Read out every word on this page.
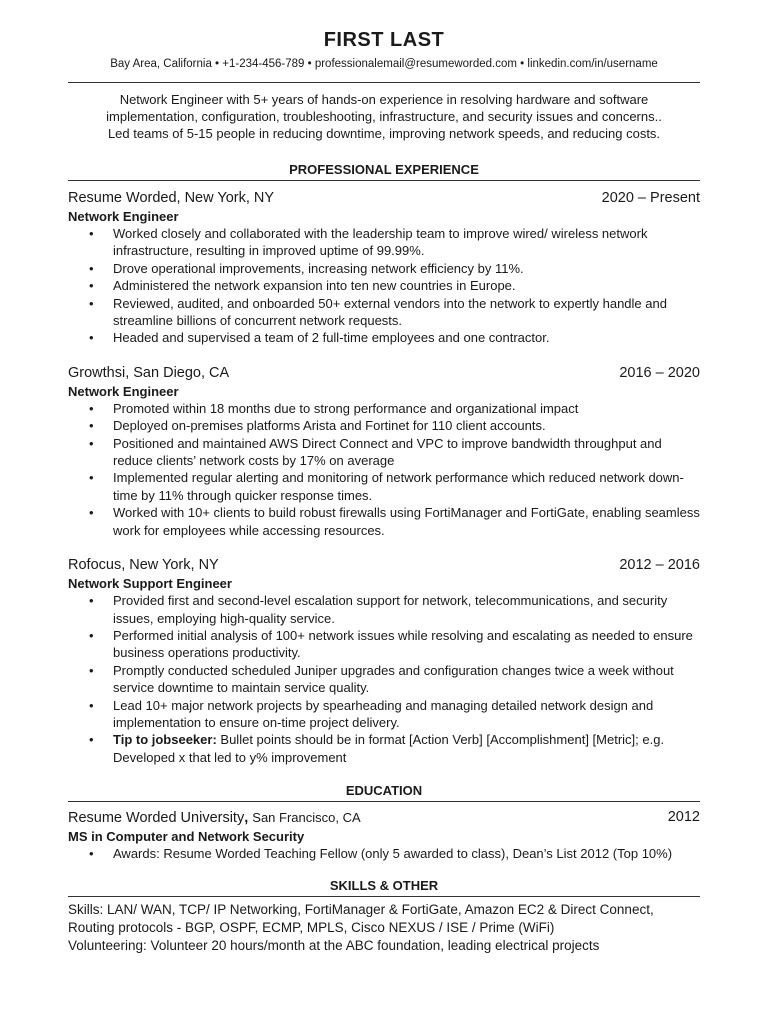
FIRST LAST
Bay Area, California • +1-234-456-789 • professionalemail@resumeworded.com • linkedin.com/in/username
Network Engineer with 5+ years of hands-on experience in resolving hardware and software
implementation, configuration, troubleshooting, infrastructure, and security issues and concerns..
Led teams of 5-15 people in reducing downtime, improving network speeds, and reducing costs.
PROFESSIONAL EXPERIENCE
Resume Worded, New York, NY	2020 – Present
Network Engineer
• Worked closely and collaborated with the leadership team to improve wired/ wireless network infrastructure, resulting in improved uptime of 99.99%.
• Drove operational improvements, increasing network efficiency by 11%.
• Administered the network expansion into ten new countries in Europe.
• Reviewed, audited, and onboarded 50+ external vendors into the network to expertly handle and streamline billions of concurrent network requests.
• Headed and supervised a team of 2 full-time employees and one contractor.
Growthsi, San Diego, CA	2016 – 2020
Network Engineer
• Promoted within 18 months due to strong performance and organizational impact
• Deployed on-premises platforms Arista and Fortinet for 110 client accounts.
• Positioned and maintained AWS Direct Connect and VPC to improve bandwidth throughput and reduce clients’ network costs by 17% on average
• Implemented regular alerting and monitoring of network performance which reduced network down-time by 11% through quicker response times.
• Worked with 10+ clients to build robust firewalls using FortiManager and FortiGate, enabling seamless work for employees while accessing resources.
Rofocus, New York, NY	2012 – 2016
Network Support Engineer
• Provided first and second-level escalation support for network, telecommunications, and security issues, employing high-quality service.
• Performed initial analysis of 100+ network issues while resolving and escalating as needed to ensure business operations productivity.
• Promptly conducted scheduled Juniper upgrades and configuration changes twice a week without service downtime to maintain service quality.
• Lead 10+ major network projects by spearheading and managing detailed network design and implementation to ensure on-time project delivery.
• Tip to jobseeker: Bullet points should be in format [Action Verb] [Accomplishment] [Metric]; e.g. Developed x that led to y% improvement
EDUCATION
Resume Worded University, San Francisco, CA	2012
MS in Computer and Network Security
• Awards: Resume Worded Teaching Fellow (only 5 awarded to class), Dean’s List 2012 (Top 10%)
SKILLS & OTHER
Skills: LAN/ WAN, TCP/ IP Networking, FortiManager & FortiGate, Amazon EC2 & Direct Connect,
Routing protocols - BGP, OSPF, ECMP, MPLS, Cisco NEXUS / ISE / Prime (WiFi)
Volunteering: Volunteer 20 hours/month at the ABC foundation, leading electrical projects
